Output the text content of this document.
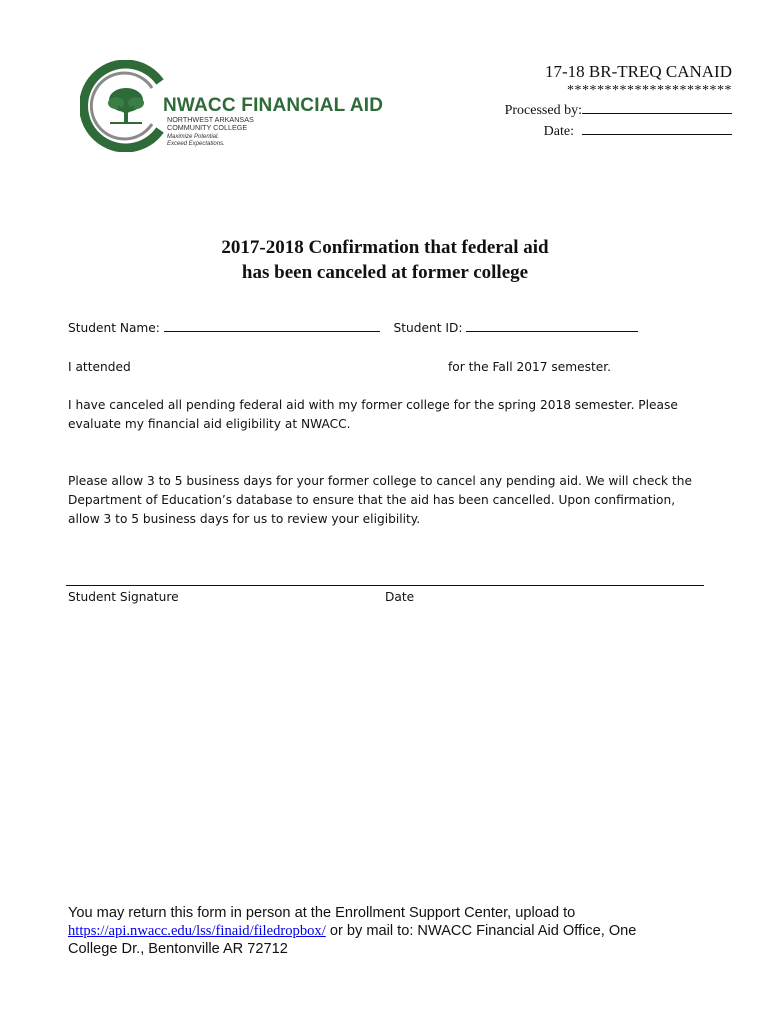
NWACC FINANCIAL AID
NORTHWEST ARKANSAS
COMMUNITY COLLEGE
Maximize Potential.
Exceed Expectations.
17-18 BR-TREQ CANAID
**********************
Processed by:
Date:
2017-2018 Confirmation that federal aid
has been canceled at former college
Student Name:	Student ID:
I attended	for the Fall 2017 semester.
I have canceled all pending federal aid with my former college for the spring 2018 semester. Please
evaluate my financial aid eligibility at NWACC.
Please allow 3 to 5 business days for your former college to cancel any pending aid. We will check the
Department of Education’s database to ensure that the aid has been cancelled. Upon confirmation,
allow 3 to 5 business days for us to review your eligibility.
Student Signature	Date
You may return this form in person at the Enrollment Support Center, upload to
https://api.nwacc.edu/lss/finaid/filedropbox/ or by mail to: NWACC Financial Aid Office, One
College Dr., Bentonville AR 72712
